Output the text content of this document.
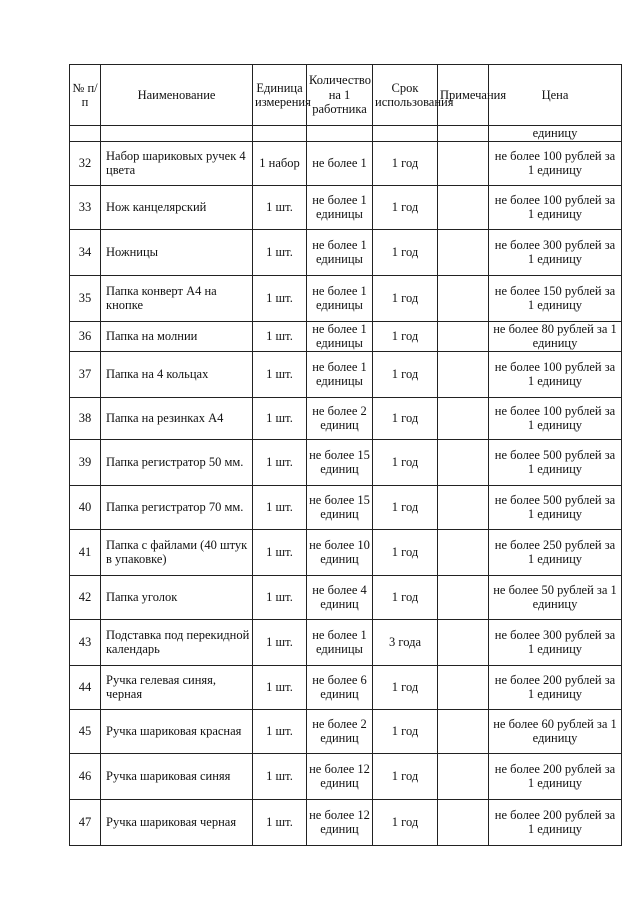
№ п/п	Наименование	Единица измерения	Количество на 1 работника	Срок использования	Примечания	Цена
						единицу
32	Набор шариковых ручек 4 цвета	1 набор	не более 1	1 год		не более 100 рублей за 1 единицу
33	Нож канцелярский	1 шт.	не более 1 единицы	1 год		не более 100 рублей за 1 единицу
34	Ножницы	1 шт.	не более 1 единицы	1 год		не более 300 рублей за 1 единицу
35	Папка конверт А4 на кнопке	1 шт.	не более 1 единицы	1 год		не более 150 рублей за 1 единицу
36	Папка на молнии	1 шт.	не более 1 единицы	1 год		не более 80 рублей за 1 единицу
37	Папка на 4 кольцах	1 шт.	не более 1 единицы	1 год		не более 100 рублей за 1 единицу
38	Папка на резинках А4	1 шт.	не более 2 единиц	1 год		не более 100 рублей за 1 единицу
39	Папка регистратор 50 мм.	1 шт.	не более 15 единиц	1 год		не более 500 рублей за 1 единицу
40	Папка регистратор 70 мм.	1 шт.	не более 15 единиц	1 год		не более 500 рублей за 1 единицу
41	Папка с файлами (40 штук в упаковке)	1 шт.	не более 10 единиц	1 год		не более 250 рублей за 1 единицу
42	Папка уголок	1 шт.	не более 4 единиц	1 год		не более 50 рублей за 1 единицу
43	Подставка под перекидной календарь	1 шт.	не более 1 единицы	3 года		не более 300 рублей за 1 единицу
44	Ручка гелевая синяя, черная	1 шт.	не более 6 единиц	1 год		не более 200 рублей за 1 единицу
45	Ручка шариковая красная	1 шт.	не более 2 единиц	1 год		не более 60 рублей за 1 единицу
46	Ручка шариковая синяя	1 шт.	не более 12 единиц	1 год		не более 200 рублей за 1 единицу
47	Ручка шариковая черная	1 шт.	не более 12 единиц	1 год		не более 200 рублей за 1 единицу
